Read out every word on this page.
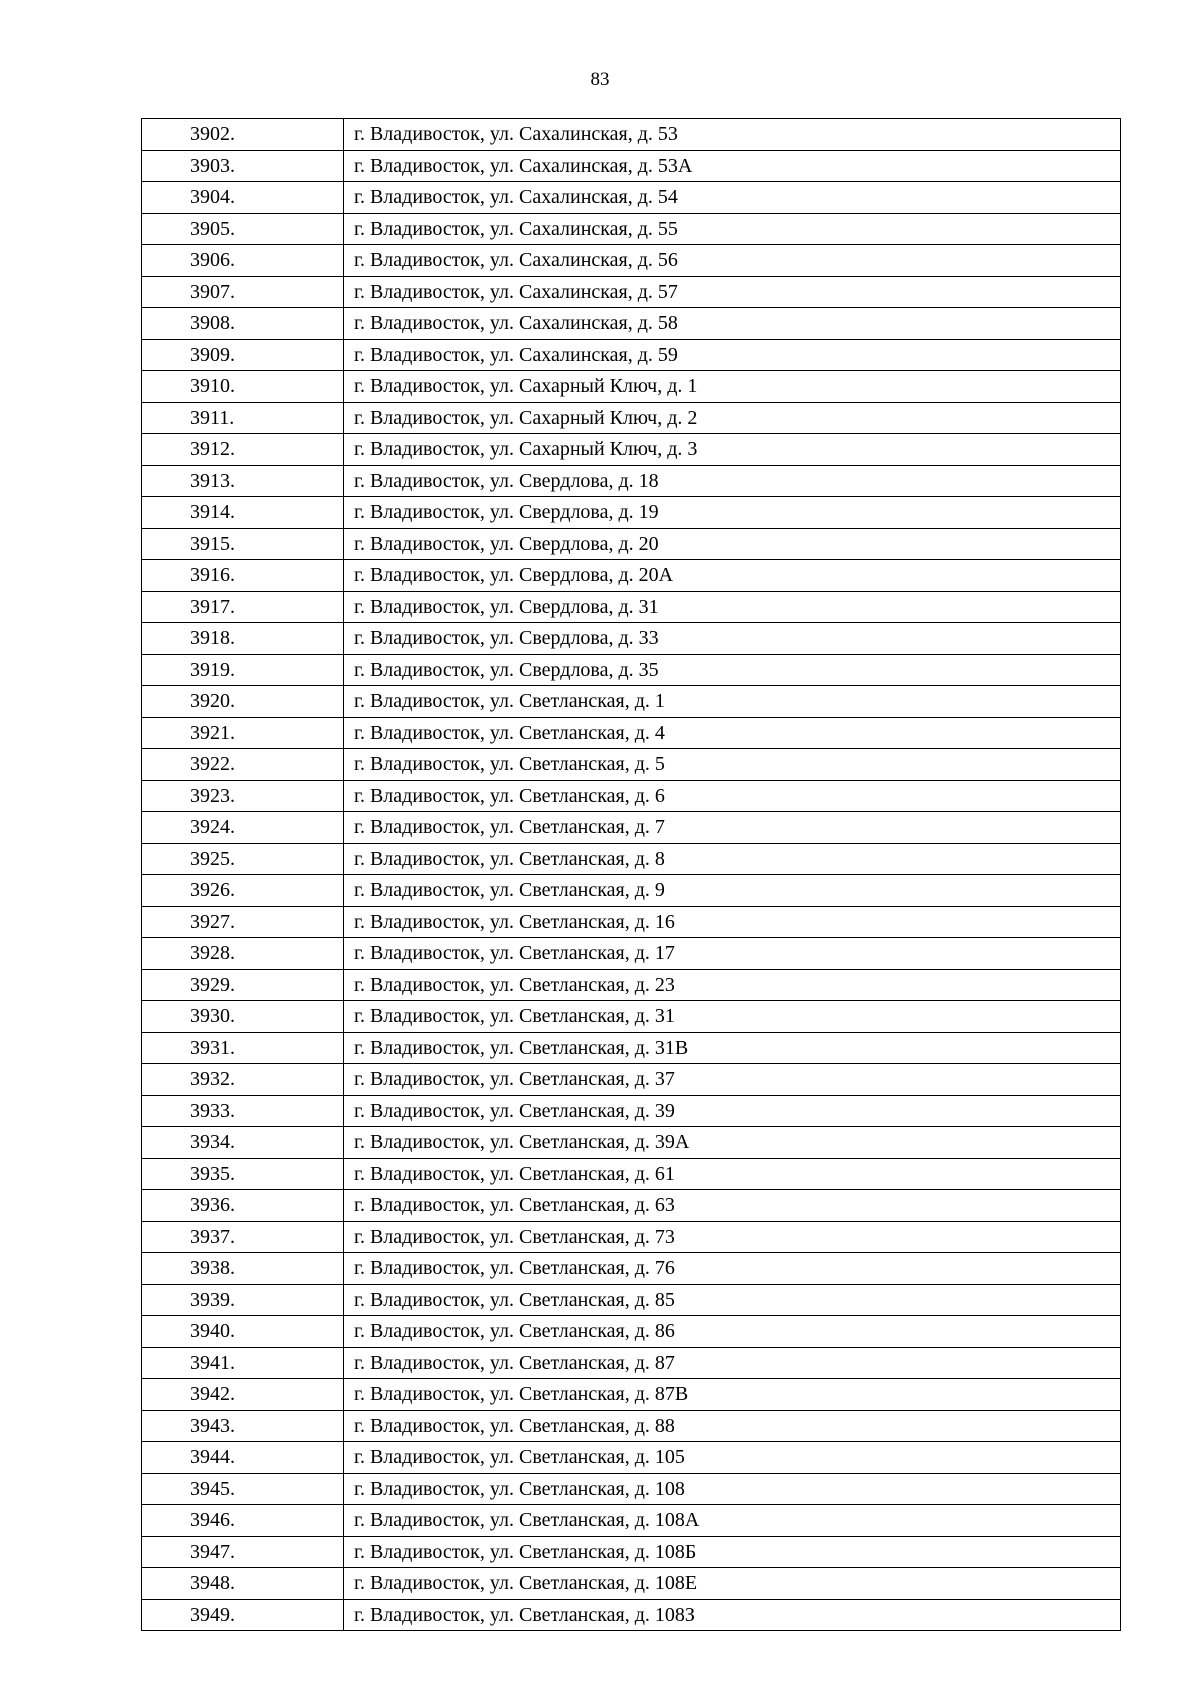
83
3902.	г. Владивосток, ул. Сахалинская, д. 53
3903.	г. Владивосток, ул. Сахалинская, д. 53А
3904.	г. Владивосток, ул. Сахалинская, д. 54
3905.	г. Владивосток, ул. Сахалинская, д. 55
3906.	г. Владивосток, ул. Сахалинская, д. 56
3907.	г. Владивосток, ул. Сахалинская, д. 57
3908.	г. Владивосток, ул. Сахалинская, д. 58
3909.	г. Владивосток, ул. Сахалинская, д. 59
3910.	г. Владивосток, ул. Сахарный Ключ, д. 1
3911.	г. Владивосток, ул. Сахарный Ключ, д. 2
3912.	г. Владивосток, ул. Сахарный Ключ, д. 3
3913.	г. Владивосток, ул. Свердлова, д. 18
3914.	г. Владивосток, ул. Свердлова, д. 19
3915.	г. Владивосток, ул. Свердлова, д. 20
3916.	г. Владивосток, ул. Свердлова, д. 20А
3917.	г. Владивосток, ул. Свердлова, д. 31
3918.	г. Владивосток, ул. Свердлова, д. 33
3919.	г. Владивосток, ул. Свердлова, д. 35
3920.	г. Владивосток, ул. Светланская, д. 1
3921.	г. Владивосток, ул. Светланская, д. 4
3922.	г. Владивосток, ул. Светланская, д. 5
3923.	г. Владивосток, ул. Светланская, д. 6
3924.	г. Владивосток, ул. Светланская, д. 7
3925.	г. Владивосток, ул. Светланская, д. 8
3926.	г. Владивосток, ул. Светланская, д. 9
3927.	г. Владивосток, ул. Светланская, д. 16
3928.	г. Владивосток, ул. Светланская, д. 17
3929.	г. Владивосток, ул. Светланская, д. 23
3930.	г. Владивосток, ул. Светланская, д. 31
3931.	г. Владивосток, ул. Светланская, д. 31В
3932.	г. Владивосток, ул. Светланская, д. 37
3933.	г. Владивосток, ул. Светланская, д. 39
3934.	г. Владивосток, ул. Светланская, д. 39А
3935.	г. Владивосток, ул. Светланская, д. 61
3936.	г. Владивосток, ул. Светланская, д. 63
3937.	г. Владивосток, ул. Светланская, д. 73
3938.	г. Владивосток, ул. Светланская, д. 76
3939.	г. Владивосток, ул. Светланская, д. 85
3940.	г. Владивосток, ул. Светланская, д. 86
3941.	г. Владивосток, ул. Светланская, д. 87
3942.	г. Владивосток, ул. Светланская, д. 87В
3943.	г. Владивосток, ул. Светланская, д. 88
3944.	г. Владивосток, ул. Светланская, д. 105
3945.	г. Владивосток, ул. Светланская, д. 108
3946.	г. Владивосток, ул. Светланская, д. 108А
3947.	г. Владивосток, ул. Светланская, д. 108Б
3948.	г. Владивосток, ул. Светланская, д. 108Е
3949.	г. Владивосток, ул. Светланская, д. 108З
